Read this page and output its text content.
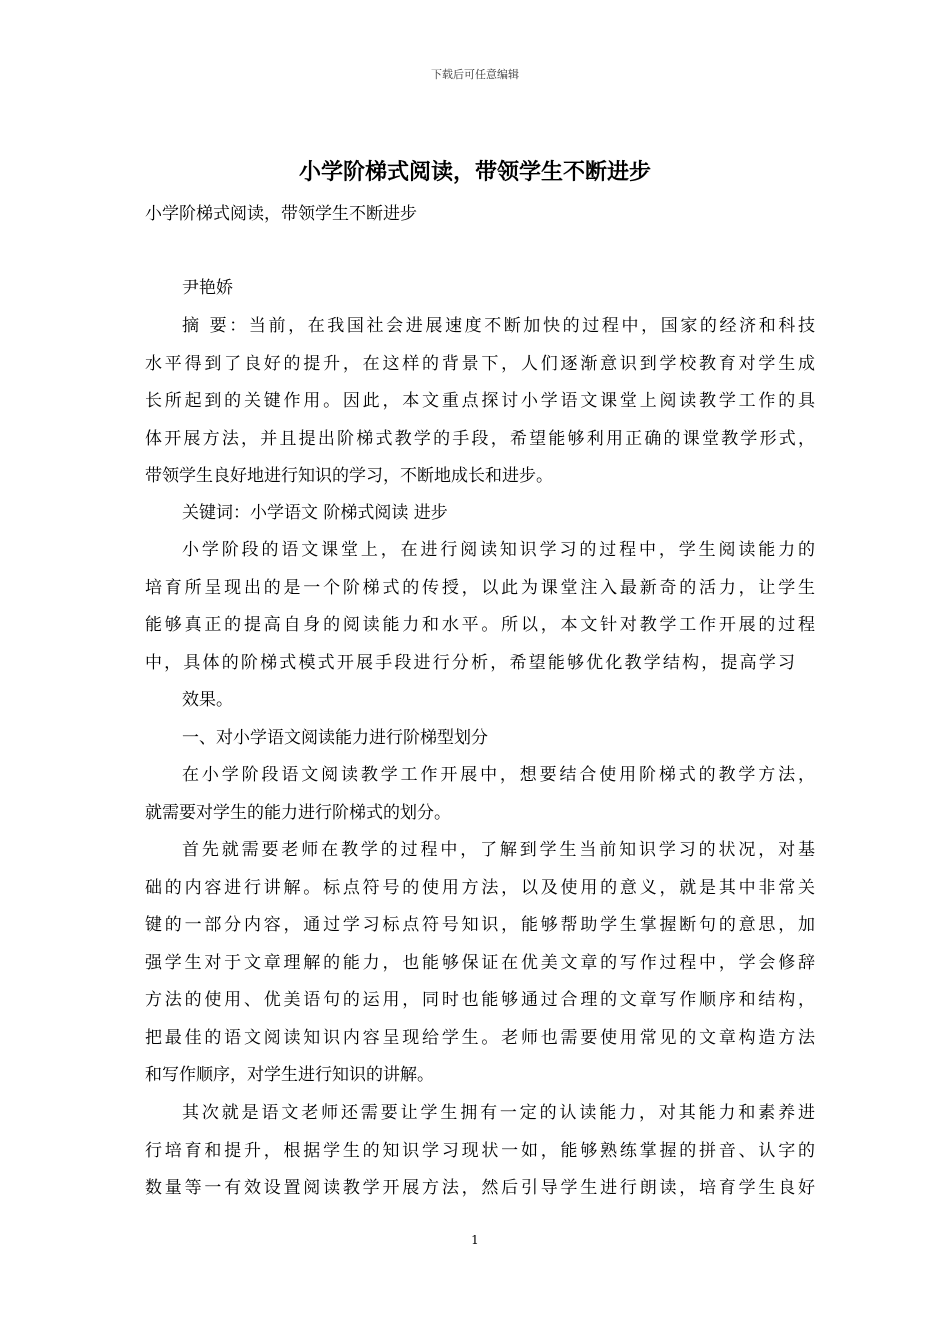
下载后可任意编辑
小学阶梯式阅读，带领学生不断进步
小学阶梯式阅读，带领学生不断进步
尹艳娇
摘 要：当前，在我国社会进展速度不断加快的过程中，国家的经济和科技
水平得到了良好的提升，在这样的背景下，人们逐渐意识到学校教育对学生成
长所起到的关键作用。因此，本文重点探讨小学语文课堂上阅读教学工作的具
体开展方法，并且提出阶梯式教学的手段，希望能够利用正确的课堂教学形式，
带领学生良好地进行知识的学习，不断地成长和进步。
关键词：小学语文 阶梯式阅读 进步
小学阶段的语文课堂上，在进行阅读知识学习的过程中，学生阅读能力的
培育所呈现出的是一个阶梯式的传授，以此为课堂注入最新奇的活力，让学生
能够真正的提高自身的阅读能力和水平。所以，本文针对教学工作开展的过程
中，具体的阶梯式模式开展手段进行分析，希望能够优化教学结构，提高学习
效果。
一、对小学语文阅读能力进行阶梯型划分
在小学阶段语文阅读教学工作开展中，想要结合使用阶梯式的教学方法，
就需要对学生的能力进行阶梯式的划分。
首先就需要老师在教学的过程中，了解到学生当前知识学习的状况，对基
础的内容进行讲解。标点符号的使用方法，以及使用的意义，就是其中非常关
键的一部分内容，通过学习标点符号知识，能够帮助学生掌握断句的意思，加
强学生对于文章理解的能力，也能够保证在优美文章的写作过程中，学会修辞
方法的使用、优美语句的运用，同时也能够通过合理的文章写作顺序和结构，
把最佳的语文阅读知识内容呈现给学生。老师也需要使用常见的文章构造方法
和写作顺序，对学生进行知识的讲解。
其次就是语文老师还需要让学生拥有一定的认读能力，对其能力和素养进
行培育和提升，根据学生的知识学习现状一如，能够熟练掌握的拼音、认字的
数量等一有效设置阅读教学开展方法，然后引导学生进行朗读，培育学生良好
1
